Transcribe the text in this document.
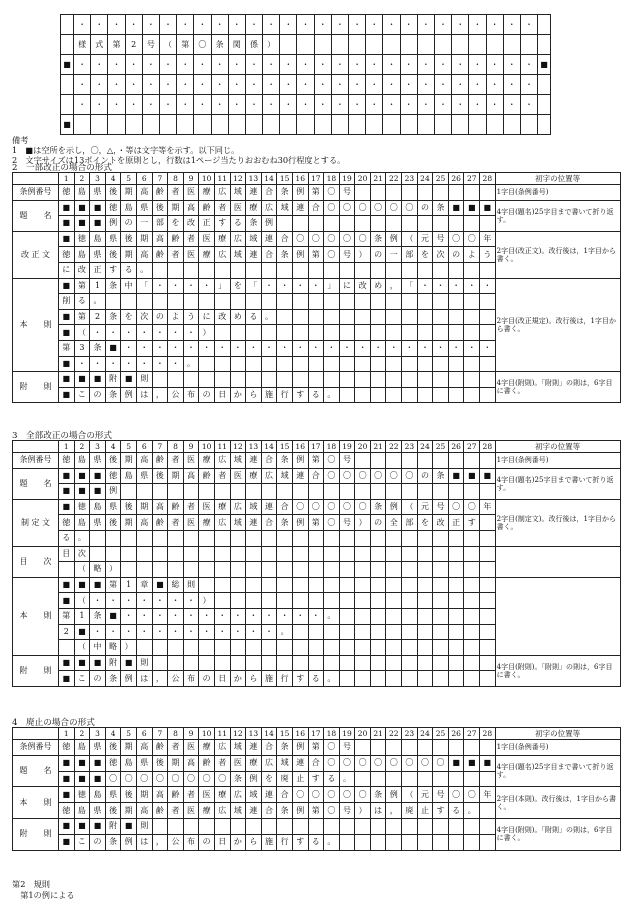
	・	・	・	・	・	・	・	・	・	・	・	・	・	・	・	・	・	・	・	・	・	・	・	・	・	・	・	
	様	式	第	2	号	（	第	〇	条	関	係	）																
■	・	・	・	・	・	・	・	・	・	・	・	・	・	・	・	・	・	・	・	・	・	・	・	・	・	・	・	■
	・	・	・	・	・	・	・	・	・	・	・	・	・	・	・	・	・	・	・	・	・	・	・	・	・	・	・	
	・	・	・	・	・	・	・	・	・	・	・	・	・	・	・	・	・	・	・	・	・	・	・	・	・	・	・	
■																												
備考
1　■は空所を示し，〇，△，・等は文字等を示す。以下同じ。
2　文字サイズは13ポイントを原則とし，行数は1ページ当たりおおむね30行程度とする。
2　一部改正の場合の形式
	1	2	3	4	5	6	7	8	9	10	11	12	13	14	15	16	17	18	19	20	21	22	23	24	25	26	27	28	初字の位置等
条例番号	徳	島	県	後	期	高	齢	者	医	療	広	域	連	合	条	例	第	〇	号										1字目(条例番号)
題　　名	■	■	■	徳	島	県	後	期	高	齢	者	医	療	広	域	連	合	〇	〇	〇	〇	〇	〇	の	条	■	■	■	4字目(題名)25字目まで書いて折り返す。
	■	■	■	例	の	一	部	を	改	正	す	る	条	例															
改 正 文	■	徳	島	県	後	期	高	齢	者	医	療	広	域	連	合	〇	〇	〇	〇	〇	条	例	（	元	号	〇	〇	年	2字目(改正文)。改行後は，1字目から書く。
	徳	島	県	後	期	高	齢	者	医	療	広	域	連	合	条	例	第	〇	号	）	の	一	部	を	次	の	よ	う	
	に	改	正	す	る	。																							
本　　則	■	第	1	条	中	「	・	・	・	・	」	を	「	・	・	・	・	」	に	改	め	，	「	・	・	・	・	・	2字目(改正規定)。改行後は，1字目から書く。
	削	る	。																										
	■	第	2	条	を	次	の	よ	う	に	改	め	る	。															
	■	（	・	・	・	・	・	・	・	）																			
	第	3	条	■	・	・	・	・	・	・	・	・	・	・	・	・	・	・	・	・	・	・	・	・	・	・	・	・	
	■	・	・	・	・	・	・	・	。																				
附　　則	■	■	■	附	■	則																							4字目(附則)。「附則」の則は，6字目に書く。
	■	こ	の	条	例	は	，	公	布	の	日	か	ら	施	行	す	る	。											
3　全部改正の場合の形式
	1	2	3	4	5	6	7	8	9	10	11	12	13	14	15	16	17	18	19	20	21	22	23	24	25	26	27	28	初字の位置等
条例番号	徳	島	県	後	期	高	齢	者	医	療	広	域	連	合	条	例	第	〇	号										1字目(条例番号)
題　　名	■	■	■	徳	島	県	後	期	高	齢	者	医	療	広	域	連	合	〇	〇	〇	〇	〇	〇	の	条	■	■	■	4字目(題名)25字目まで書いて折り返す。
	■	■	■	例																									
制 定 文	■	徳	島	県	後	期	高	齢	者	医	療	広	域	連	合	〇	〇	〇	〇	〇	条	例	（	元	号	〇	〇	年	2字目(制定文)。改行後は，1字目から書く。
	徳	島	県	後	期	高	齢	者	医	療	広	域	連	合	条	例	第	〇	号	）	の	全	部	を	改	正	す		
	る	。																											
目　　次	目	次																											
		（	略	）																									
本　　則	■	■	■	第	1	章	■	総	則																				
	■	（	・	・	・	・	・	・	・	）																			
	第	1	条	■	・	・	・	・	・	・	・	・	・	・	・	・	・	。											
	2	■	・	・	・	・	・	・	・	・	・	・	・	・	。														
		（	中	略	）																								
附　　則	■	■	■	附	■	則																							4字目(附則)。「附則」の則は，6字目に書く。
	■	こ	の	条	例	は	，	公	布	の	日	か	ら	施	行	す	る	。											
4　廃止の場合の形式
	1	2	3	4	5	6	7	8	9	10	11	12	13	14	15	16	17	18	19	20	21	22	23	24	25	26	27	28	初字の位置等
条例番号	徳	島	県	後	期	高	齢	者	医	療	広	域	連	合	条	例	第	〇	号										1字目(条例番号)
題　　名	■	■	■	徳	島	県	後	期	高	齢	者	医	療	広	域	連	合	〇	〇	〇	〇	〇	〇	〇	〇	■	■	■	4字目(題名)25字目まで書いて折り返す。
	■	■	■	〇	〇	〇	〇	〇	〇	〇	〇	条	例	を	廃	止	す	る	。										
本　　則	■	徳	島	県	後	期	高	齢	者	医	療	広	域	連	合	〇	〇	〇	〇	〇	条	例	（	元	号	〇	〇	年	2字目(本則)。改行後は，1字目から書く。
	徳	島	県	後	期	高	齢	者	医	療	広	域	連	合	条	例	第	〇	号	）	は	，	廃	止	す	る	。		
附　　則	■	■	■	附	■	則																							4字目(附則)。「附則」の則は，6字目に書く。
	■	こ	の	条	例	は	，	公	布	の	日	か	ら	施	行	す	る	。											
第2　規則
　第1の例による
